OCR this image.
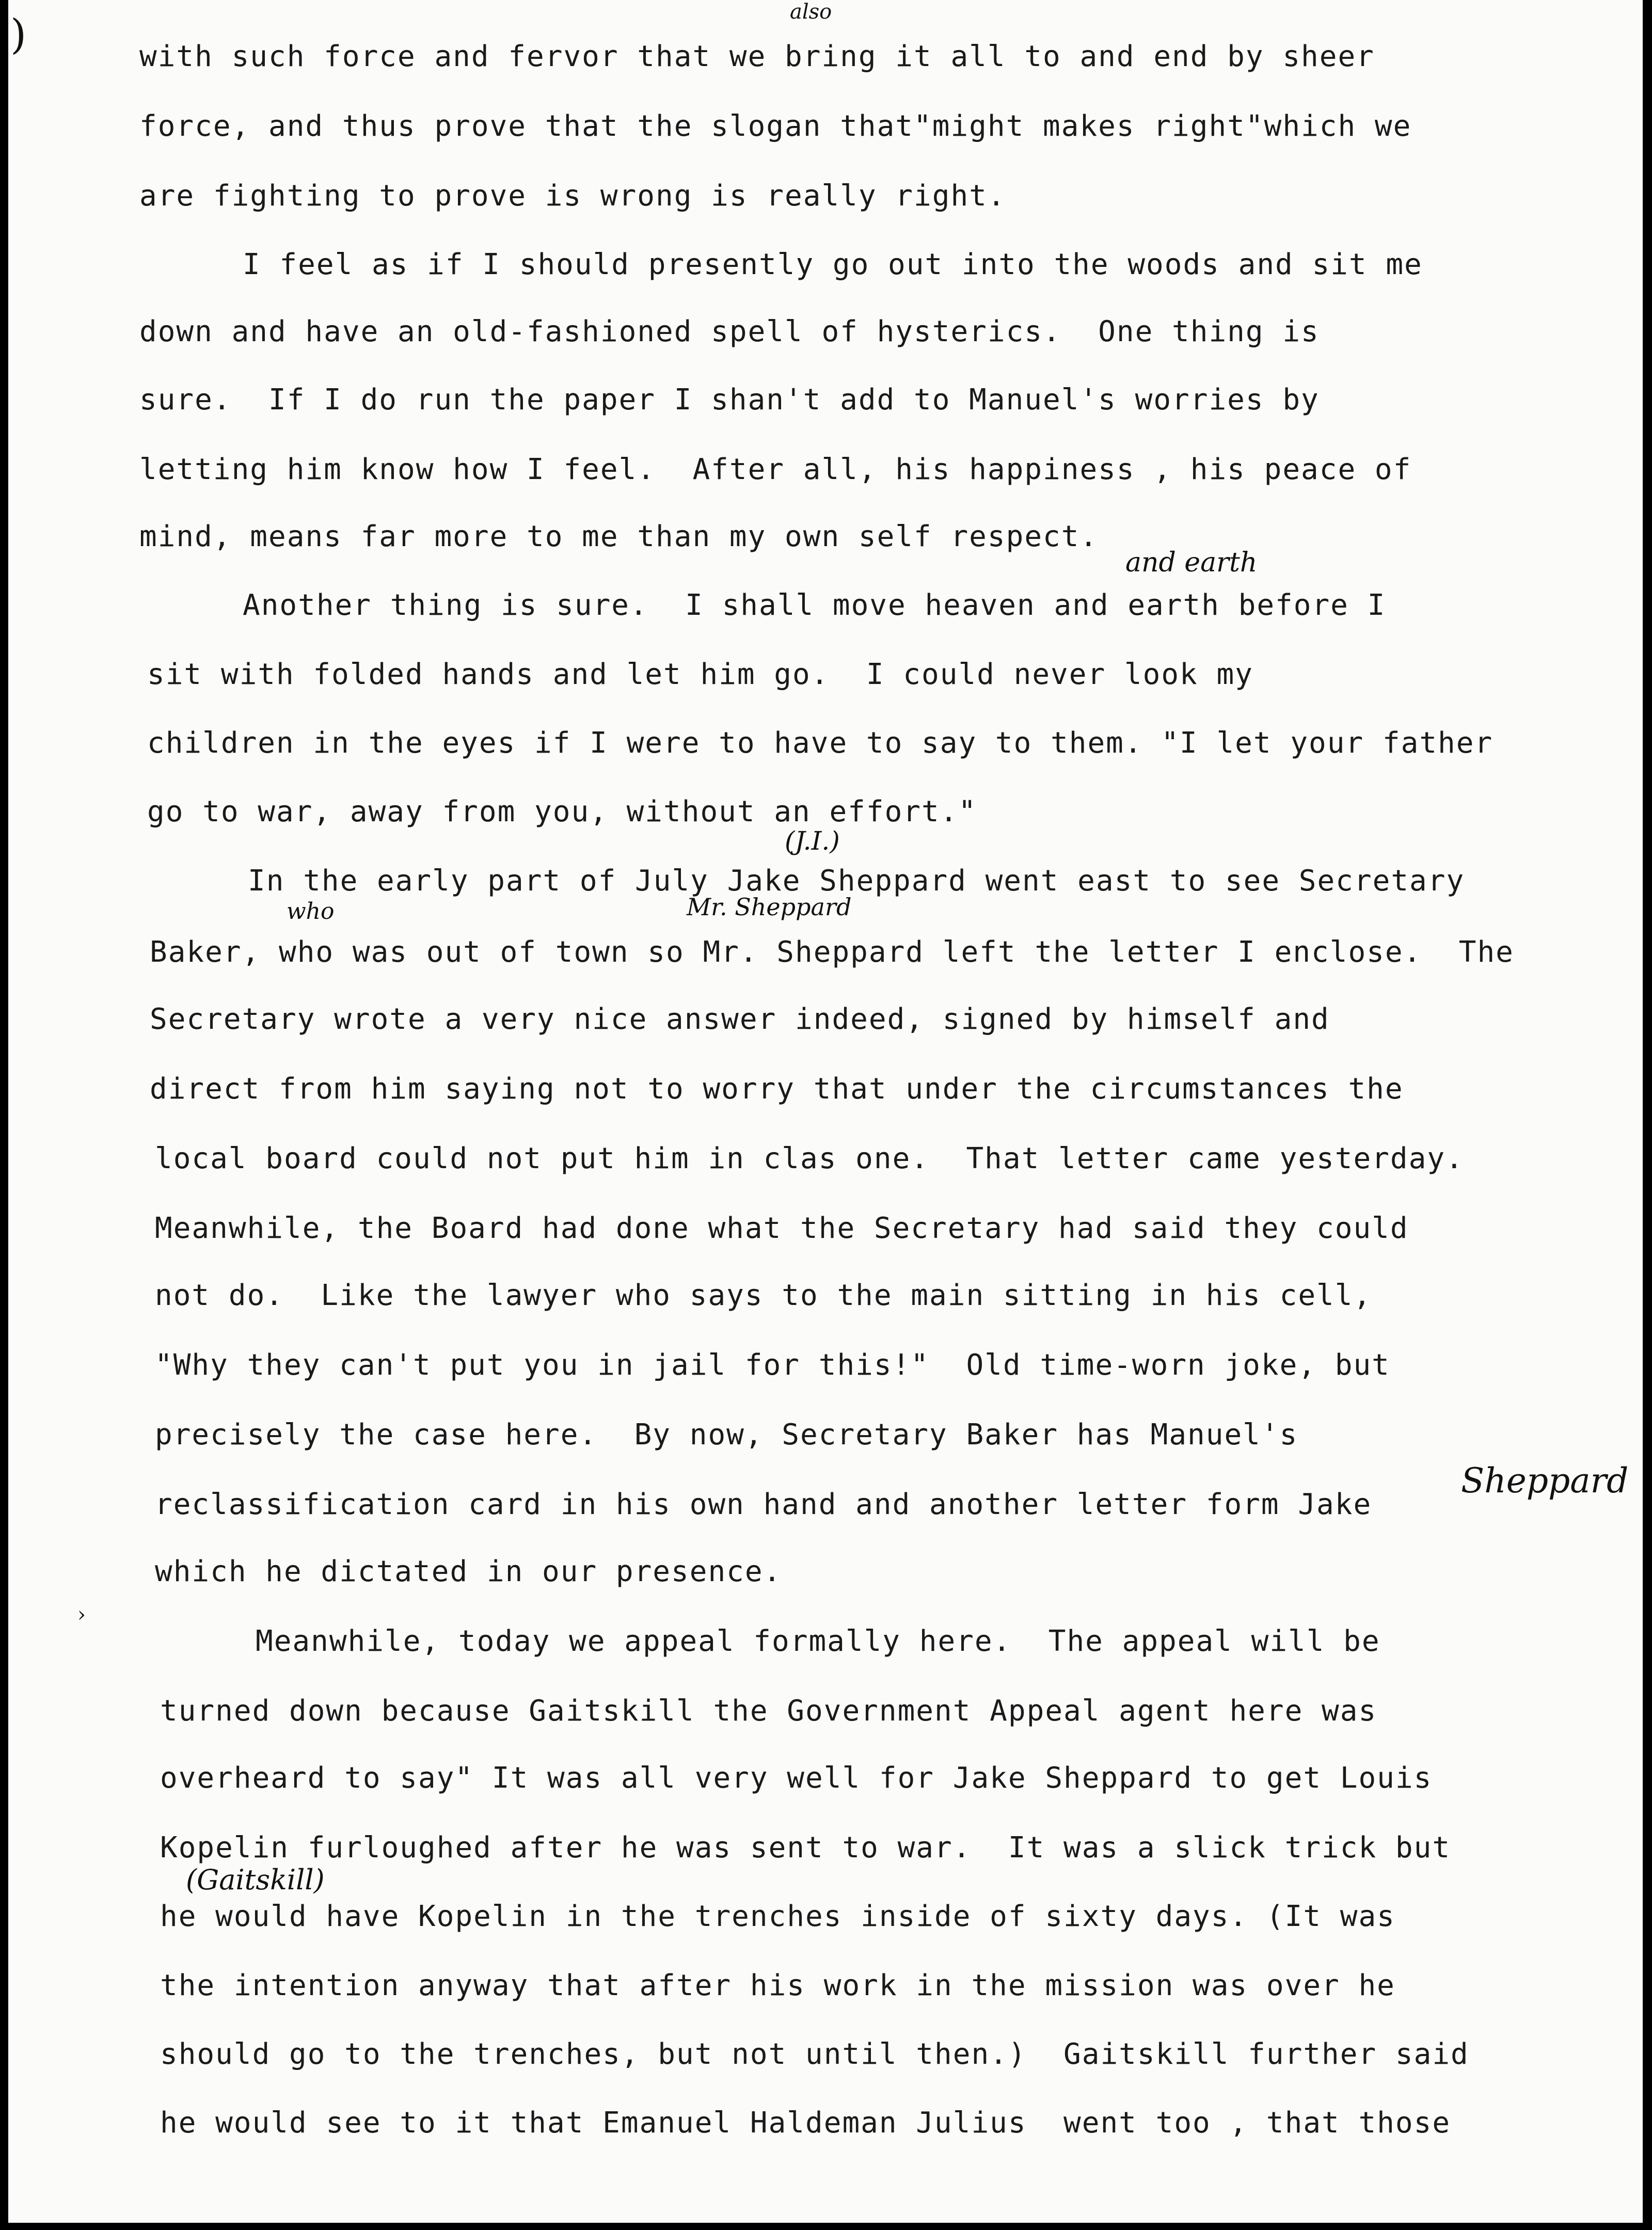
)
›
with such force and fervor that we bring it all to and end by sheer
force, and thus prove that the slogan that"might makes right"which we
are fighting to prove is wrong is really right.
I feel as if I should presently go out into the woods and sit me
down and have an old-fashioned spell of hysterics.  One thing is
sure.  If I do run the paper I shan't add to Manuel's worries by
letting him know how I feel.  After all, his happiness , his peace of
mind, means far more to me than my own self respect.
Another thing is sure.  I shall move heaven and earth before I
sit with folded hands and let him go.  I could never look my
children in the eyes if I were to have to say to them. "I let your father
go to war, away from you, without an effort."
In the early part of July Jake Sheppard went east to see Secretary
Baker, who was out of town so Mr. Sheppard left the letter I enclose.  The
Secretary wrote a very nice answer indeed, signed by himself and
direct from him saying not to worry that under the circumstances the
local board could not put him in clas one.  That letter came yesterday.
Meanwhile, the Board had done what the Secretary had said they could
not do.  Like the lawyer who says to the main sitting in his cell,
"Why they can't put you in jail for this!"  Old time-worn joke, but
precisely the case here.  By now, Secretary Baker has Manuel's
reclassification card in his own hand and another letter form Jake
which he dictated in our presence.
Meanwhile, today we appeal formally here.  The appeal will be
turned down because Gaitskill the Government Appeal agent here was
overheard to say" It was all very well for Jake Sheppard to get Louis
Kopelin furloughed after he was sent to war.  It was a slick trick but
he would have Kopelin in the trenches inside of sixty days. (It was
the intention anyway that after his work in the mission was over he
should go to the trenches, but not until then.)  Gaitskill further said
he would see to it that Emanuel Haldeman Julius  went too , that those
also
and earth
(J.I.)
who	Mr. Sheppard
Sheppard
(Gaitskill)
